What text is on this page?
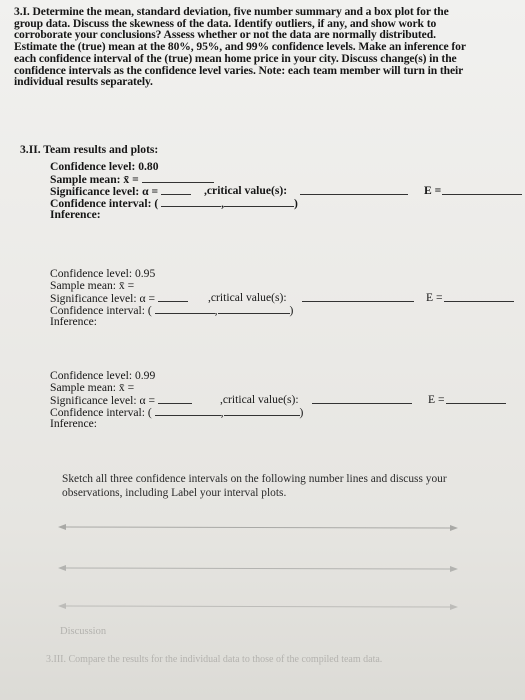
3.I. Determine the mean, standard deviation, five number summary and a box plot for the
group data. Discuss the skewness of the data. Identify outliers, if any, and show work to
corroborate your conclusions? Assess whether or not the data are normally distributed.
Estimate the (true) mean at the 80%, 95%, and 99% confidence levels. Make an inference for
each confidence interval of the (true) mean home price in your city. Discuss change(s) in the
confidence intervals as the confidence level varies. Note: each team member will turn in their
individual results separately.
3.II. Team results and plots:
Confidence level: 0.80
Sample mean: x̄ =
Significance level: α =	,critical value(s):	E =
Confidence interval: (	,	)
Inference:
Confidence level: 0.95
Sample mean: x̄ =
Significance level: α =	,critical value(s):	E =
Confidence interval: (	,	)
Inference:
Confidence level: 0.99
Sample mean: x̄ =
Significance level: α =	,critical value(s):	E =
Confidence interval: (	,	)
Inference:
Sketch all three confidence intervals on the following number lines and discuss your observations, including Label your interval plots.
Discussion
3.III. Compare the results for the individual data to those of the compiled team data.
